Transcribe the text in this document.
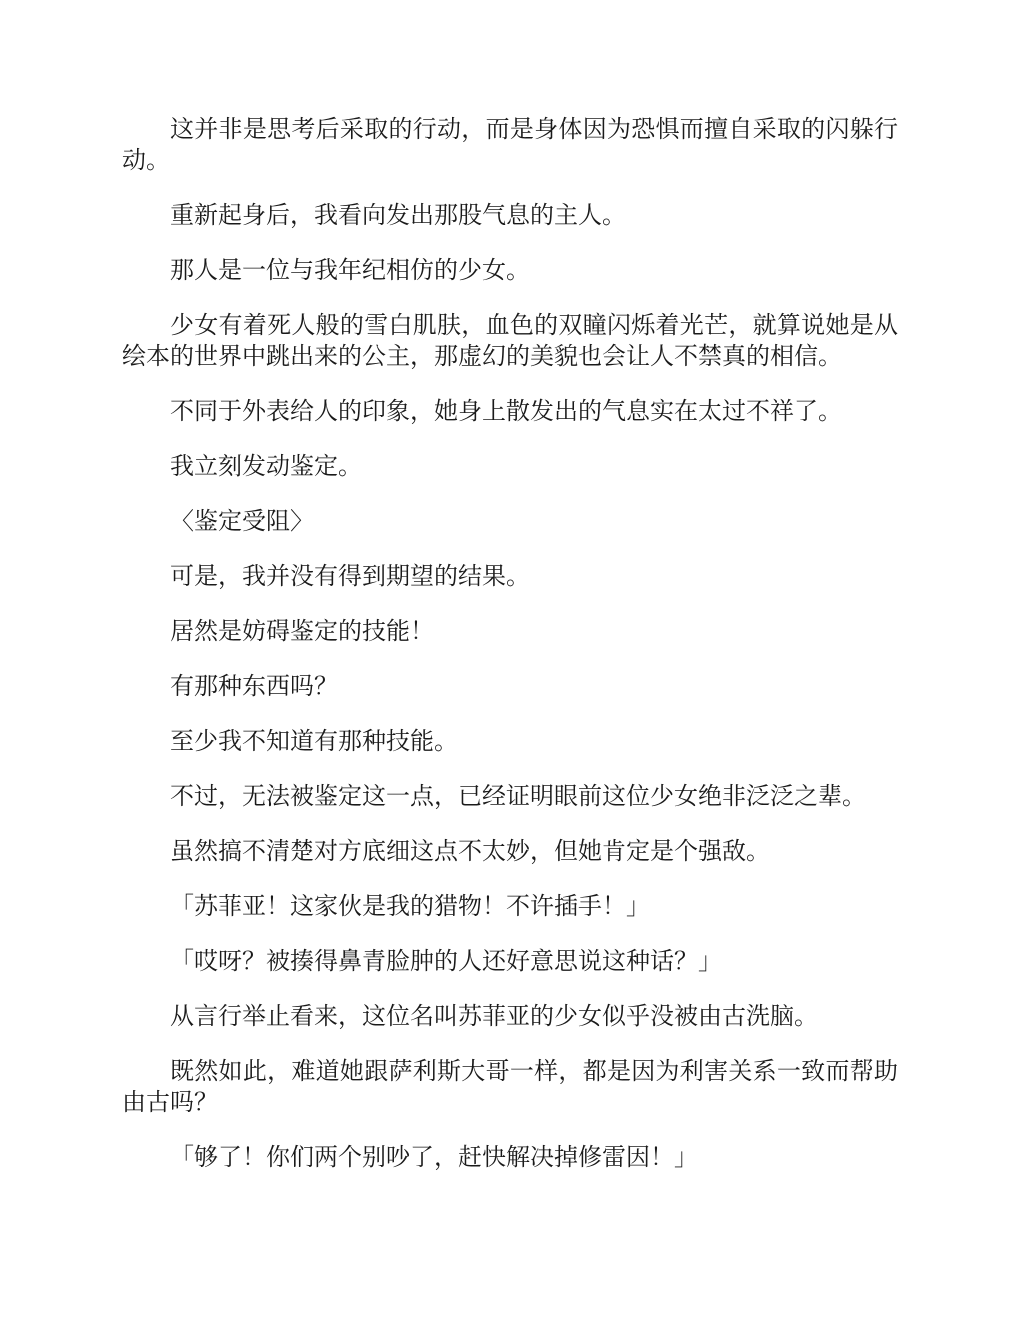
这并非是思考后采取的行动，而是身体因为恐惧而擅自采取的闪躲行动。

重新起身后，我看向发出那股气息的主人。

那人是一位与我年纪相仿的少女。

少女有着死人般的雪白肌肤，血色的双瞳闪烁着光芒，就算说她是从绘本的世界中跳出来的公主，那虚幻的美貌也会让人不禁真的相信。

不同于外表给人的印象，她身上散发出的气息实在太过不祥了。

我立刻发动鉴定。

〈鉴定受阻〉

可是，我并没有得到期望的结果。

居然是妨碍鉴定的技能！

有那种东西吗？

至少我不知道有那种技能。

不过，无法被鉴定这一点，已经证明眼前这位少女绝非泛泛之辈。

虽然搞不清楚对方底细这点不太妙，但她肯定是个强敌。

「苏菲亚！这家伙是我的猎物！不许插手！」

「哎呀？被揍得鼻青脸肿的人还好意思说这种话？」

从言行举止看来，这位名叫苏菲亚的少女似乎没被由古洗脑。

既然如此，难道她跟萨利斯大哥一样，都是因为利害关系一致而帮助由古吗？

「够了！你们两个别吵了，赶快解决掉修雷因！」
